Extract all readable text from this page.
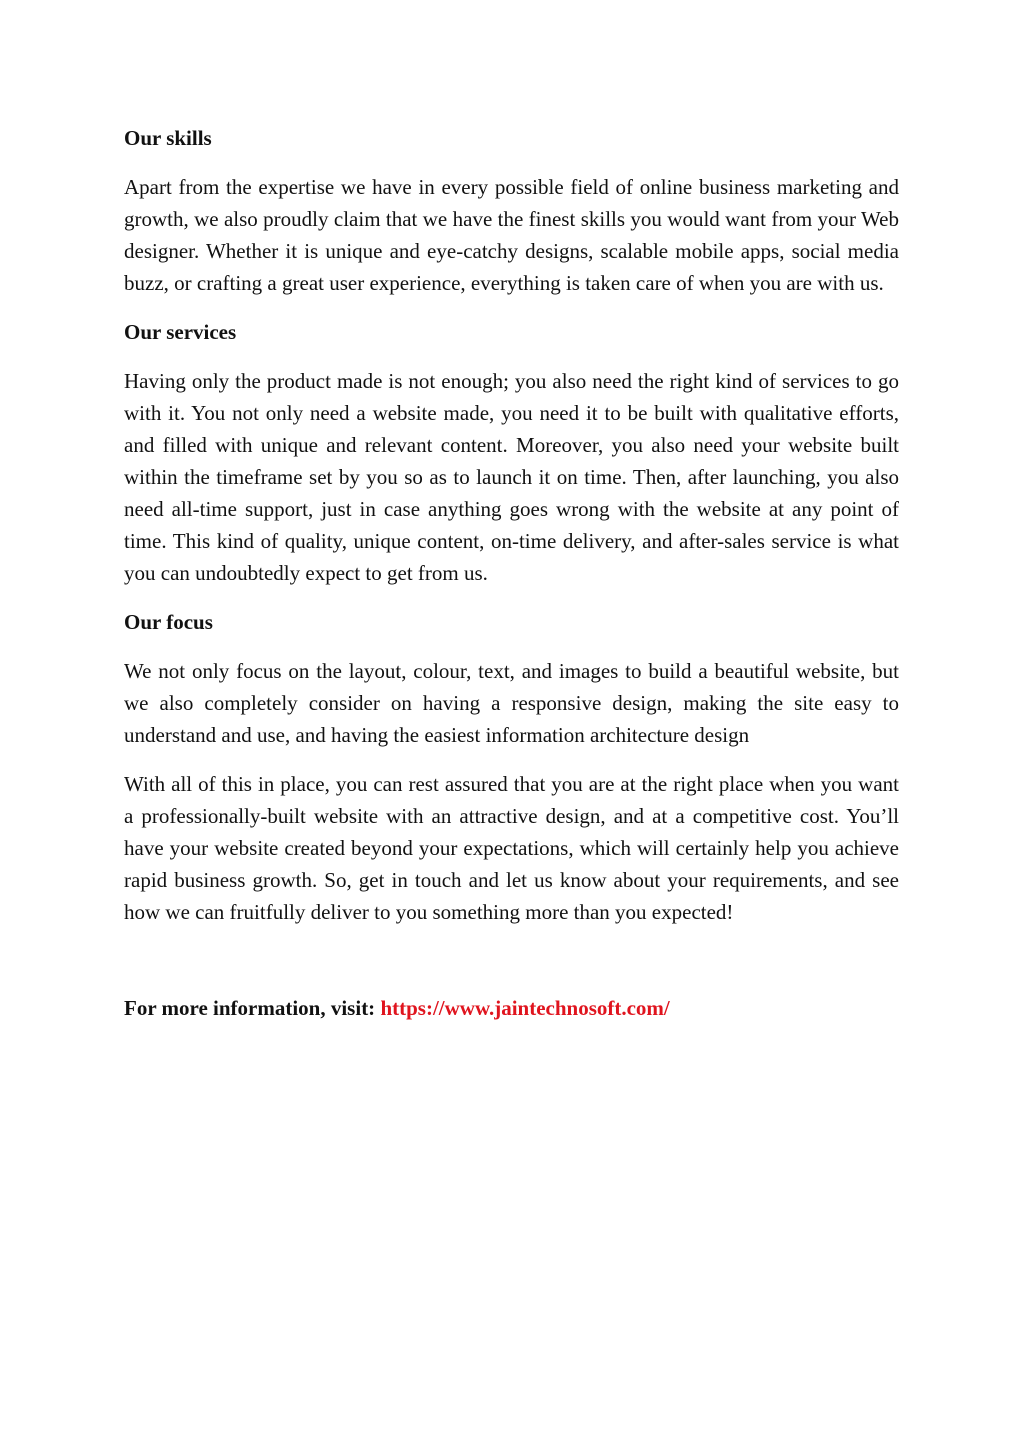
Our skills

Apart from the expertise we have in every possible field of online business marketing and growth, we also proudly claim that we have the finest skills you would want from your Web designer. Whether it is unique and eye-catchy designs, scalable mobile apps, social media buzz, or crafting a great user experience, everything is taken care of when you are with us.

Our services

Having only the product made is not enough; you also need the right kind of services to go with it. You not only need a website made, you need it to be built with qualitative efforts, and filled with unique and relevant content. Moreover, you also need your website built within the timeframe set by you so as to launch it on time. Then, after launching, you also need all-time support, just in case anything goes wrong with the website at any point of time. This kind of quality, unique content, on-time delivery, and after-sales service is what you can undoubtedly expect to get from us.

Our focus

We not only focus on the layout, colour, text, and images to build a beautiful website, but we also completely consider on having a responsive design, making the site easy to understand and use, and having the easiest information architecture design

With all of this in place, you can rest assured that you are at the right place when you want a professionally-built website with an attractive design, and at a competitive cost. You’ll have your website created beyond your expectations, which will certainly help you achieve rapid business growth. So, get in touch and let us know about your requirements, and see how we can fruitfully deliver to you something more than you expected!

For more information, visit: https://www.jaintechnosoft.com/
